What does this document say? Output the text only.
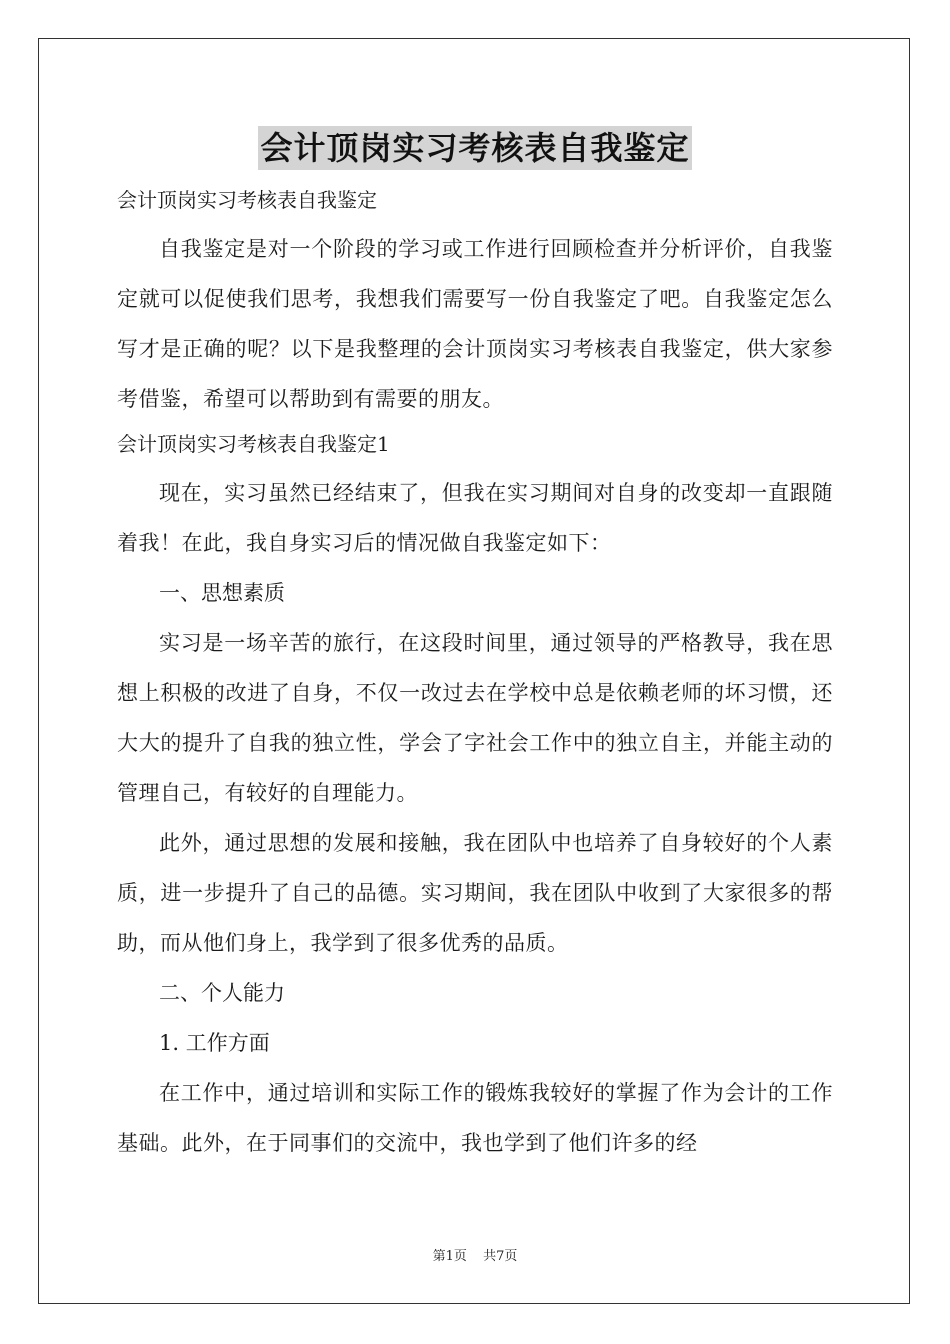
会计顶岗实习考核表自我鉴定

会计顶岗实习考核表自我鉴定

自我鉴定是对一个阶段的学习或工作进行回顾检查并分析评价，自我鉴定就可以促使我们思考，我想我们需要写一份自我鉴定了吧。自我鉴定怎么写才是正确的呢？以下是我整理的会计顶岗实习考核表自我鉴定，供大家参考借鉴，希望可以帮助到有需要的朋友。

会计顶岗实习考核表自我鉴定1

现在，实习虽然已经结束了，但我在实习期间对自身的改变却一直跟随着我！在此，我自身实习后的情况做自我鉴定如下：

一、思想素质

实习是一场辛苦的旅行，在这段时间里，通过领导的严格教导，我在思想上积极的改进了自身，不仅一改过去在学校中总是依赖老师的坏习惯，还大大的提升了自我的独立性，学会了字社会工作中的独立自主，并能主动的管理自己，有较好的自理能力。

此外，通过思想的发展和接触，我在团队中也培养了自身较好的个人素质，进一步提升了自己的品德。实习期间，我在团队中收到了大家很多的帮助，而从他们身上，我学到了很多优秀的品质。

二、个人能力

1. 工作方面

在工作中，通过培训和实际工作的锻炼我较好的掌握了作为会计的工作基础。此外，在于同事们的交流中，我也学到了他们许多的经

第1页 共7页
